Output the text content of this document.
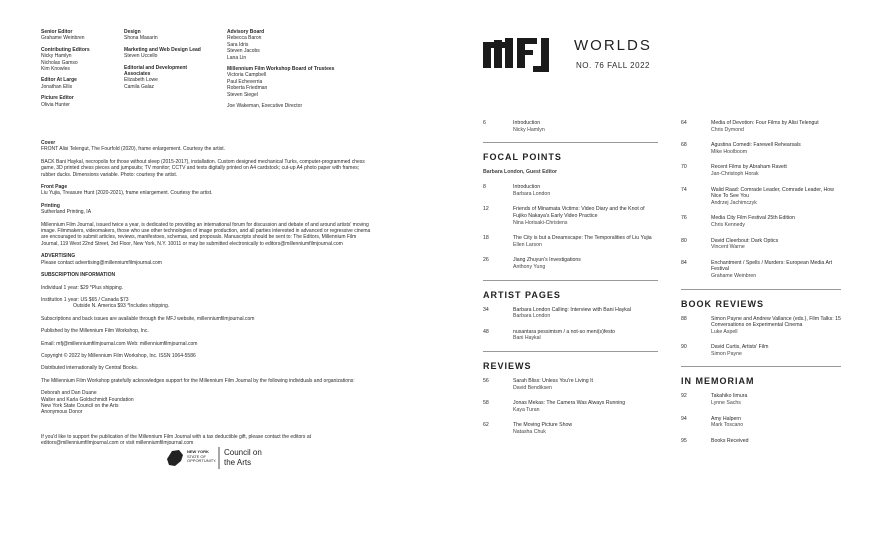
Senior Editor
Grahame Weinbren
Contributing Editors
Nicky Hamlyn
Nicholas Gamso
Kim Knowles
Editor At Large
Jonathan Ellis
Picture Editor
Olivia Hunter
Design
Shona Masarin
Marketing and Web Design Lead
Steven Uccello
Editorial and Development Associates
Elizabeth Lowe
Camila Galaz
Advisory Board
Rebecca Baron
Sara Idris
Steven Jacobs
Lana Lin
Millennium Film Workshop Board of Trustees
Victoria Campbell
Paul Echeverria
Roberta Friedman
Steven Siegel
Joe Wakeman, Executive Director

Cover
FRONT Alisi Telengut, The Fourfold (2020), frame enlargement. Courtesy the artist.

BACK Bani Haykal, necropolis for those without sleep (2015-2017), installation. Custom designed mechanical Turks, computer-programmed chess game, 3D printed chess pieces and jumpsuits; TV monitor; CCTV and texts digitally printed on A4 cardstock; cut-up A4 photo paper with frames; rubber ducks. Dimensions variable. Photo: courtesy the artist.

Front Page
Liu Yujia, Treasure Hunt (2020-2021), frame enlargement. Courtesy the artist.

Printing
Sutherland Printing, IA

Millennium Film Journal, issued twice a year, is dedicated to providing an international forum for discussion and debate of and around artists' moving image. Filmmakers, videomakers, those who use other technologies of image production, and all parties interested in advanced or regressive cinema are encouraged to submit articles, reviews, manifestoes, schemas, and proposals. Manuscripts should be sent to: The Editors, Millennium Film Journal, 119 West 22nd Street, 3rd Floor, New York, N.Y. 10011 or may be submitted electronically to editors@millenniumfilmjournal.com

ADVERTISING
Please contact advertising@millenniumfilmjournal.com

SUBSCRIPTION INFORMATION

Individual 1 year: $29 *Plus shipping.

Institution 1 year: US $65 / Canada $73
Outside N. America $93 *Includes shipping.

Subscriptions and back issues are available through the MFJ website, millenniumfilmjournal.com

Published by the Millennium Film Workshop, Inc.

Email: mfj@millenniumfilmjournal.com Web: millenniumfilmjournal.com

Copyright © 2022 by Millennium Film Workshop, Inc. ISSN 1064-5586

Distributed internationally by Central Books.

The Millennium Film Workshop gratefully acknowledges support for the Millennium Film Journal by the following individuals and organizations:

Deborah and Dan Duane
Walter and Karla Goldschmidt Foundation
New York State Council on the Arts
Anonymous Donor

If you'd like to support the publication of the Millennium Film Journal with a tax deductible gift, please contact the editors at editors@millenniumfilmjournal.com or visit millenniumfilmjournal.com

NEW YORK
STATE OF
OPPORTUNITY.
Council on
the Arts
WORLDS
NO. 76 FALL 2022
6	Introduction
Nicky Hamlyn
FOCAL POINTS
Barbara London, Guest Editor
8	Introduction
Barbara London
12	Friends of Minamata Victims: Video Diary and the Knot of Fujiko Nakaya's Early Video Practice
Nina Horisaki-Christens
18	The City is but a Dreamscape: The Temporalities of Liu Yujia
Ellen Larson
26	Jiang Zhuyun's Investigations
Anthony Yung
ARTIST PAGES
34	Barbara London Calling: Interview with Bani Haykal
Barbara London
48	nusantara pessimism / a not-so meni(s)festo
Bani Haykal
REVIEWS
56	Sarah Bliss: Unless You're Living It
David Bendiksen
58	Jonas Mekas: The Camera Was Always Running
Kaya Turan
62	The Moving Picture Show
Natasha Chuk
64	Media of Devotion: Four Films by Alisi Telengut
Chris Dymond
68	Agustina Comedi: Farewell Rehearsals
Mike Hoolboom
70	Recent Films by Abraham Ravett
Jan-Christoph Horak
74	Walid Raad: Comrade Leader, Comrade Leader, How Nice To See You
Andrzej Jachimczyk
76	Media City Film Festival 25th Edition
Chris Kennedy
80	David Cleerbout: Dark Optics
Vincent Warne
84	Enchantment / Spells / Murders: European Media Art Festival
Grahame Weinbren
BOOK REVIEWS
88	Simon Payne and Andrew Vallance (eds.), Film Talks: 15 Conversations on Experimental Cinema
Luke Aspell
90	David Curtis, Artists' Film
Simon Payne
IN MEMORIAM
92	Takahiko Iimura
Lynne Sachs
94	Amy Halpern
Mark Toscano
95	Books Received
